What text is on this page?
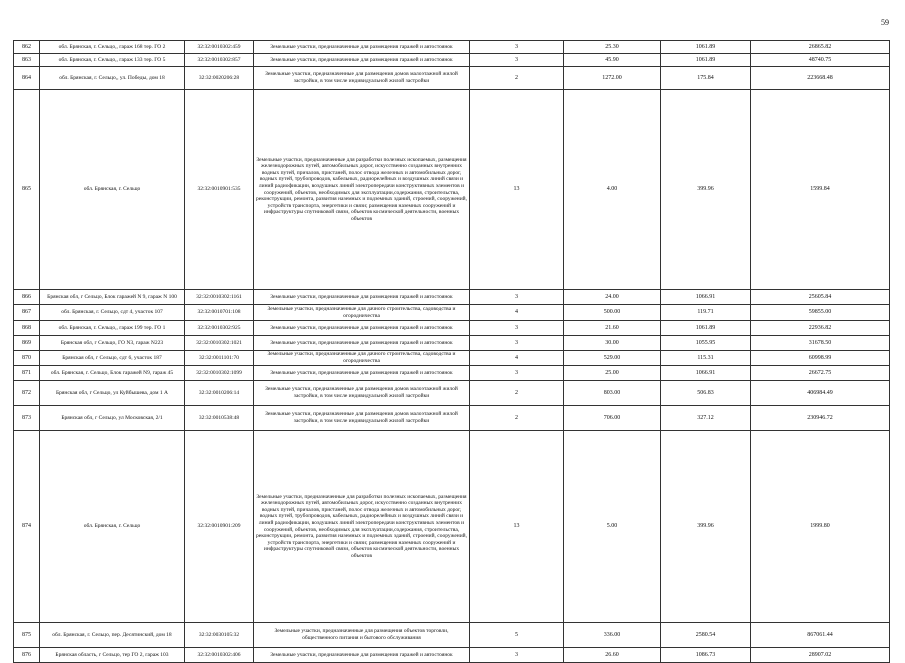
59
862	обл. Брянская, г. Сельцо,, гараж 168 тер. ГО 2	32:32:0010302:459	Земельные участки, предназначенные для размещения гаражей и автостоянок	3	25.30	1061.89	26865.82
863	обл. Брянская, г. Сельцо,, гараж 133 тер. ГО 5	32:32:0010302:857	Земельные участки, предназначенные для размещения гаражей и автостоянок	3	45.90	1061.89	48740.75
864	обл. Брянская, г. Сельцо,, ул. Победы, дом 18	32:32:0020206:28	Земельные участки, предназначенные для размещения домов малоэтажной жилой застройки, в том числе индивидуальной жилой застройки	2	1272.00	175.84	223668.48
865	обл. Брянская, г. Сельцо	32:32:0010901:535	Земельные участки, предназначенные для разработки полезных ископаемых, размещения железнодорожных путей, автомобильных дорог, искусственно созданных внутренних водных путей, причалов, пристаней, полос отвода железных и автомобильных дорог, водных путей, трубопроводов, кабельных, радиорелейных и воздушных линий связи и линий радиофикации, воздушных линий электропередачи конструктивных элементов и сооружений, объектов, необходимых для эксплуатации,содержания, строительства, реконструкции, ремонта, развития наземных и подземных зданий, строений, сооружений, устройств транспорта, энергетики и связи; размещения наземных сооружений и инфраструктуры спутниковой связи, объектов космической деятельности, военных объектов	13	4.00	399.96	1599.84
866	Брянская обл, г Сельцо, Блок гаражей N 9, гараж N 100	32:32:0010302:1161	Земельные участки, предназначенные для размещения гаражей и автостоянок	3	24.00	1066.91	25605.84
867	обл. Брянская, г. Сельцо, сдт 4, участок 107	32:32:0010701:108	Земельные участки, предназначенные для дачного строительства, садоводства и огородничества	4	500.00	119.71	59855.00
868	обл. Брянская, г. Сельцо,, гараж 199 тер. ГО 1	32:32:0010302:925	Земельные участки, предназначенные для размещения гаражей и автостоянок	3	21.60	1061.89	22936.82
869	Брянская обл, г Сельцо, ГО N3, гараж N223	32:32:0010302:1021	Земельные участки, предназначенные для размещения гаражей и автостоянок	3	30.00	1055.95	31678.50
870	Брянская обл, г Сельцо, сдт 6, участок 187	32:32:0011101:70	Земельные участки, предназначенные для дачного строительства, садоводства и огородничества	4	529.00	115.31	60998.99
871	обл. Брянская, г. Сельцо, Блок гаражей N9, гараж 45	32:32:0010302:1099	Земельные участки, предназначенные для размещения гаражей и автостоянок	3	25.00	1066.91	26672.75
872	Брянская обл, г Сельцо, ул Куйбышева, дом 1 А	32:32:0010206:14	Земельные участки, предназначенные для размещения домов малоэтажной жилой застройки, в том числе индивидуальной жилой застройки	2	803.00	506.83	406984.49
873	Брянская обл, г Сельцо, ул Московская, 2/1	32:32:0010538:48	Земельные участки, предназначенные для размещения домов малоэтажной жилой застройки, в том числе индивидуальной жилой застройки	2	706.00	327.12	230946.72
874	обл. Брянская, г. Сельцо	32:32:0010901:209	Земельные участки, предназначенные для разработки полезных ископаемых, размещения железнодорожных путей, автомобильных дорог, искусственно созданных внутренних водных путей, причалов, пристаней, полос отвода железных и автомобильных дорог, водных путей, трубопроводов, кабельных, радиорелейных и воздушных линий связи и линий радиофикации, воздушных линий электропередачи конструктивных элементов и сооружений, объектов, необходимых для эксплуатации,содержания, строительства, реконструкции, ремонта, развития наземных и подземных зданий, строений, сооружений, устройств транспорта, энергетики и связи; размещения наземных сооружений и инфраструктуры спутниковой связи, объектов космической деятельности, военных объектов	13	5.00	399.96	1999.80
875	обл. Брянская, г. Сельцо, пер. Десятинский, дом 18	32:32:0030105:32	Земельные участки, предназначенные для размещения объектов торговли, общественного питания и бытового обслуживания	5	336.00	2580.54	867061.44
876	Брянская область, г Сельцо, тер ГО 2, гараж 103	32:32:0010302:406	Земельные участки, предназначенные для размещения гаражей и автостоянок	3	26.60	1086.73	28907.02
